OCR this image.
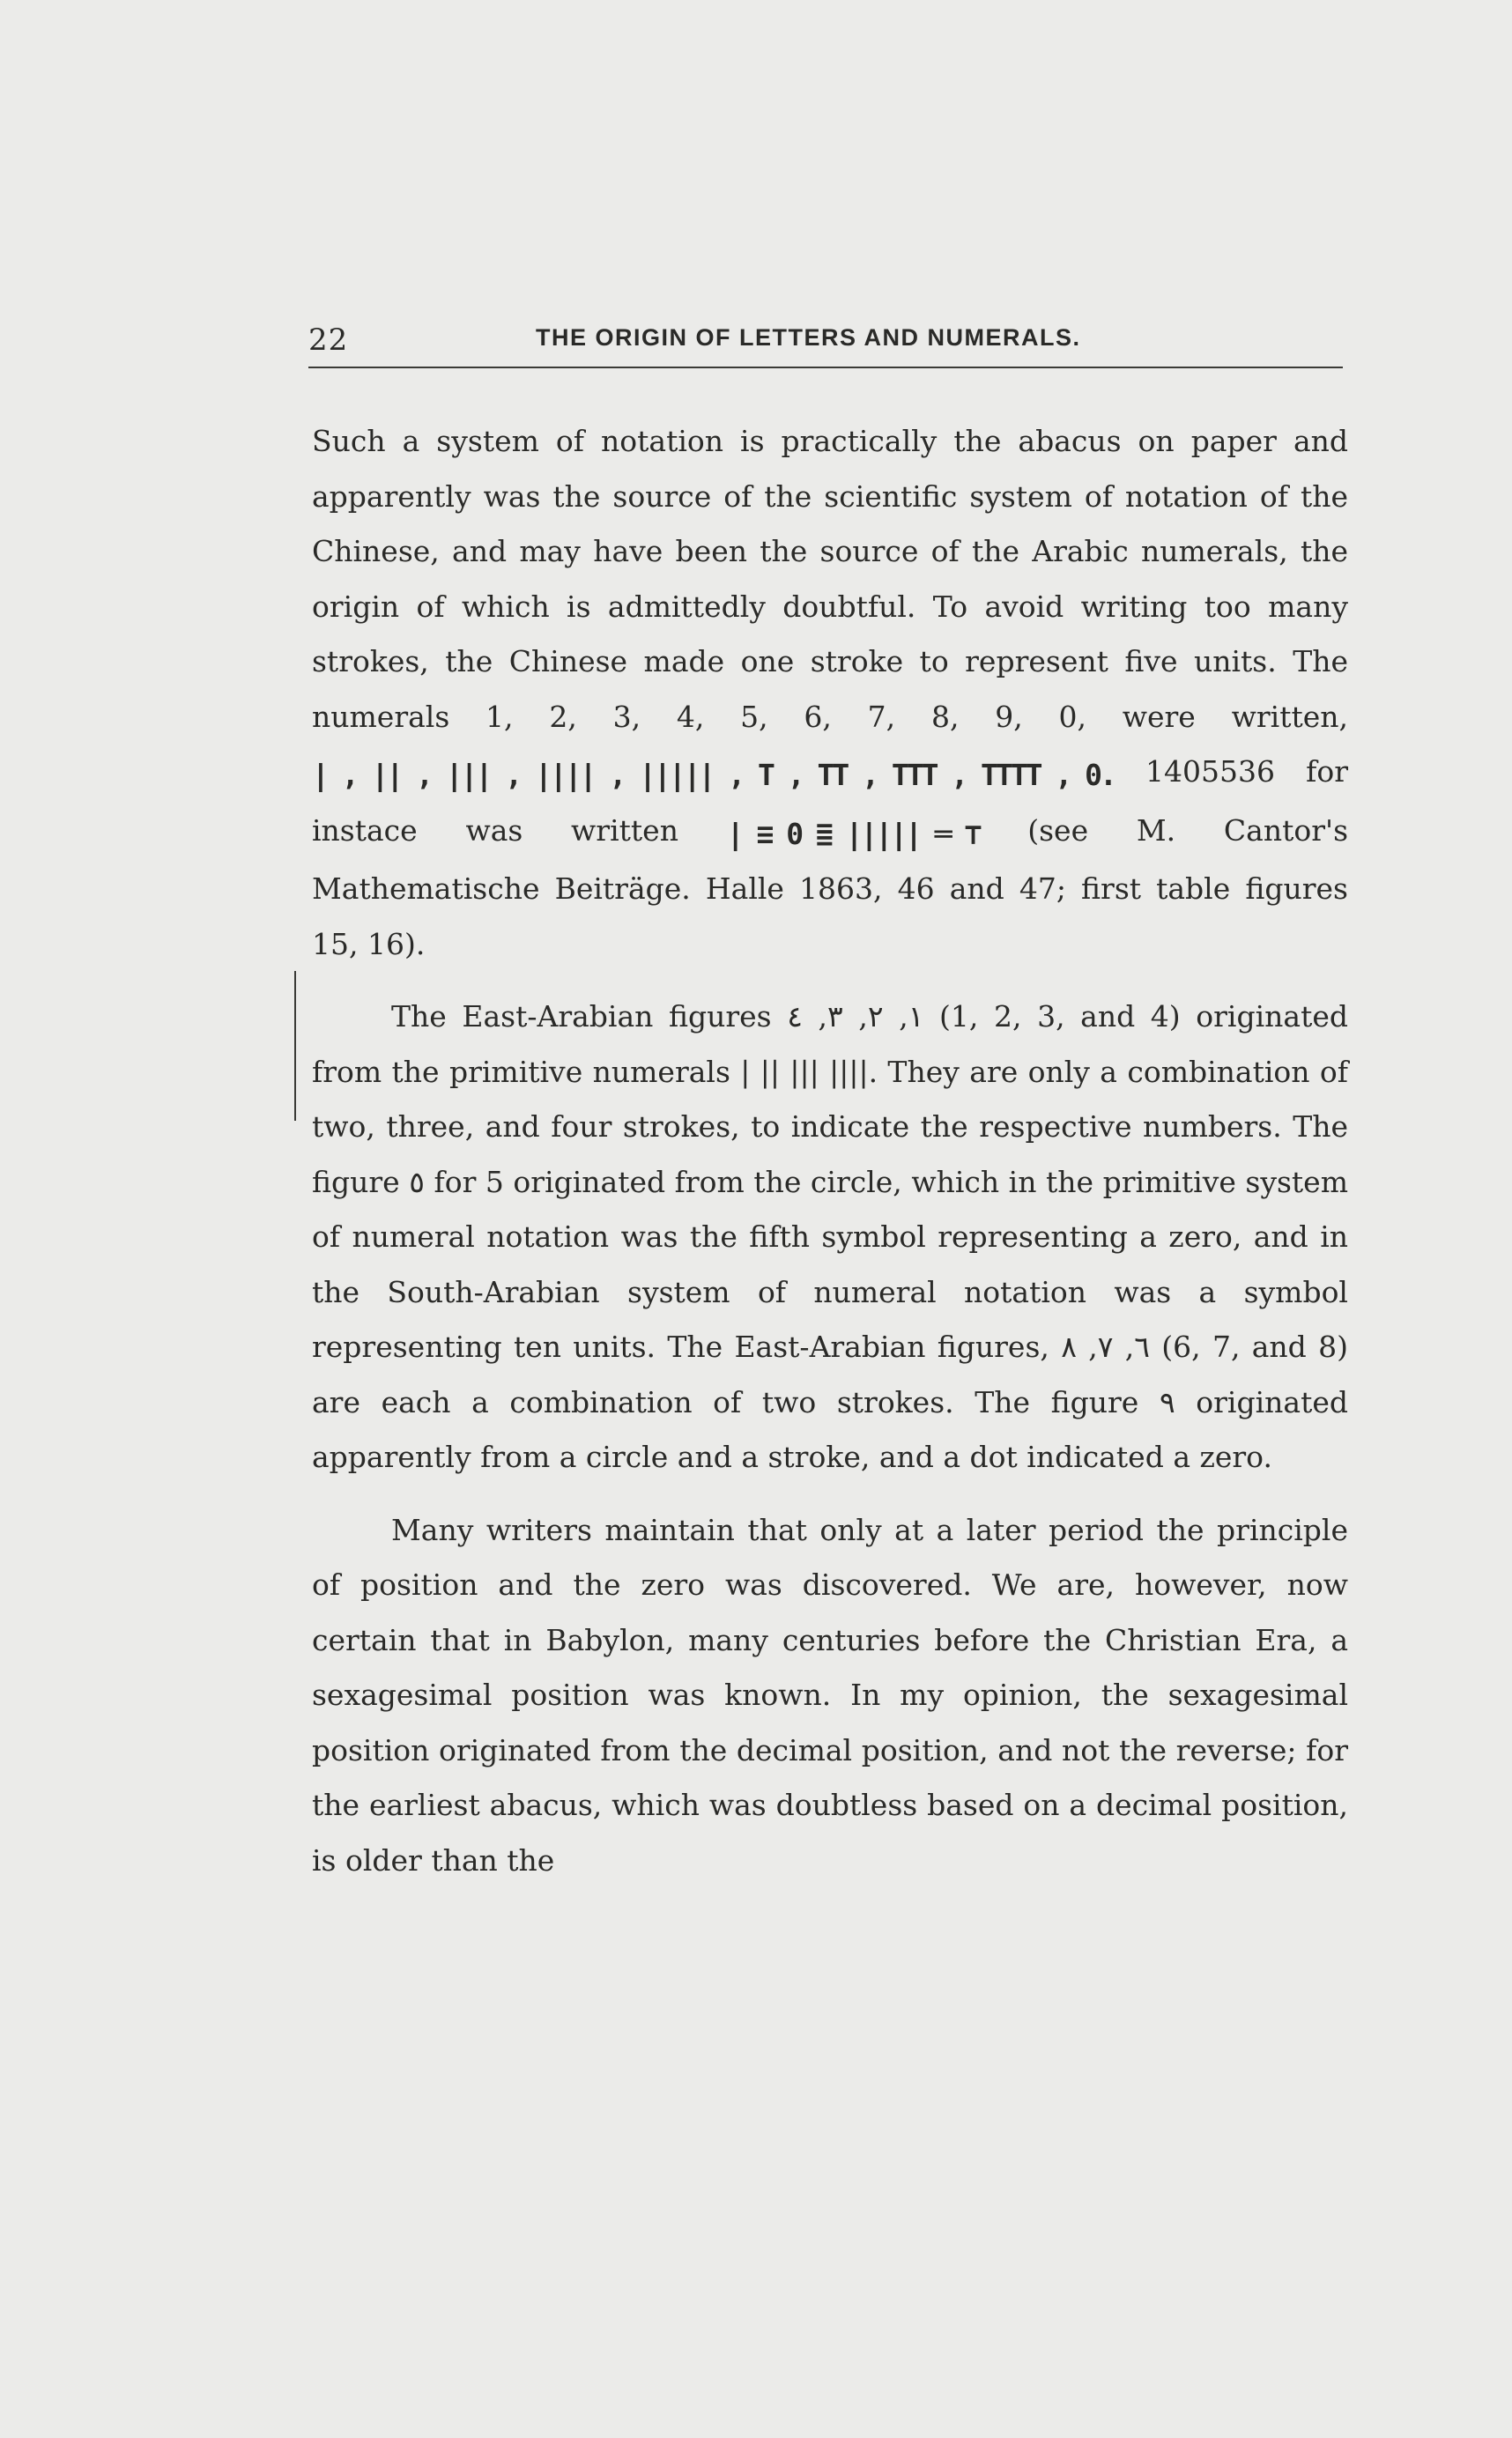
22	THE ORIGIN OF LETTERS AND NUMERALS.

Such a system of notation is practically the abacus on paper and apparently was the source of the scientific system of notation of the Chinese, and may have been the source of the Arabic numerals, the origin of which is admittedly doubtful. To avoid writing too many strokes, the Chinese made one stroke to represent five units. The numerals 1, 2, 3, 4, 5, 6, 7, 8, 9, 0, were written, | , || , ||| , |||| , ||||| , T , TT , TTT , TTTT , 0. 1405536 for instace was written | ≡ 0 ≣ ||||| ═ ⊤ (see M. Cantor's Mathematische Beiträge. Halle 1863, 46 and 47; first table figures 15, 16).

The East-Arabian figures ١, ٢, ٣, ٤ (1, 2, 3, and 4) originated from the primitive numerals | || ||| ||||. They are only a combination of two, three, and four strokes, to indicate the respective numbers. The figure ٥ for 5 originated from the circle, which in the primitive system of numeral notation was the fifth symbol representing a zero, and in the South-Arabian system of numeral notation was a symbol representing ten units. The East-Arabian figures, ٦, ٧, ٨ (6, 7, and 8) are each a combination of two strokes. The figure ٩ originated apparently from a circle and a stroke, and a dot indicated a zero.

Many writers maintain that only at a later period the principle of position and the zero was discovered. We are, however, now certain that in Babylon, many centuries before the Christian Era, a sexagesimal position was known. In my opinion, the sexagesimal position originated from the decimal position, and not the reverse; for the earliest abacus, which was doubtless based on a decimal position, is older than the
